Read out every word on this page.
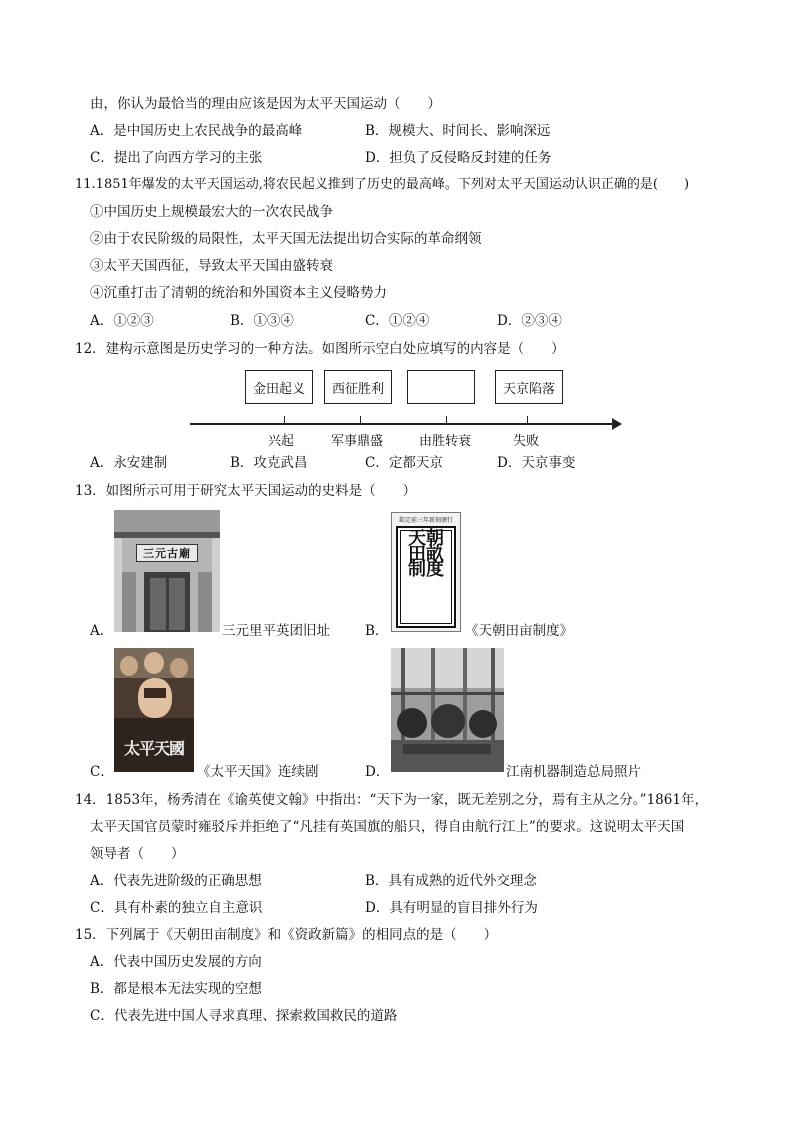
由，你认为最恰当的理由应该是因为太平天国运动（　　）
A．是中国历史上农民战争的最高峰	B．规模大、时间长、影响深远
C．提出了向西方学习的主张	D．担负了反侵略反封建的任务
11.1851年爆发的太平天国运动,将农民起义推到了历史的最高峰。下列对太平天国运动认识正确的是(　　)
①中国历史上规模最宏大的一次农民战争
②由于农民阶级的局限性，太平天国无法提出切合实际的革命纲领
③太平天国西征，导致太平天国由盛转衰
④沉重打击了清朝的统治和外国资本主义侵略势力
A．①②③	B．①③④	C．①②④	D．②③④
12．建构示意图是历史学习的一种方法。如图所示空白处应填写的内容是（　　）
金田起义	西征胜利	天京陷落
兴起	军事鼎盛	由胜转衰	失败
A．永安建制	B．攻克武昌	C．定都天京	D．天京事变
13．如图所示可用于研究太平天国运动的史料是（　　）
三元古廟
A．	三元里平英团旧址
欽定前三年新刻頒行
天朝田畝制度
B．	《天朝田亩制度》
太平天國
C．	《太平天国》连续剧	D．	江南机器制造总局照片
14．1853年，杨秀清在《谕英使文翰》中指出：“天下为一家，既无差别之分，焉有主从之分。”1861年，
太平天国官员蒙时雍驳斥并拒绝了“凡挂有英国旗的船只，得自由航行江上”的要求。这说明太平天国
领导者（　　）
A．代表先进阶级的正确思想	B．具有成熟的近代外交理念
C．具有朴素的独立自主意识	D．具有明显的盲目排外行为
15．下列属于《天朝田亩制度》和《资政新篇》的相同点的是（　　）
A．代表中国历史发展的方向
B．都是根本无法实现的空想
C．代表先进中国人寻求真理、探索救国救民的道路
